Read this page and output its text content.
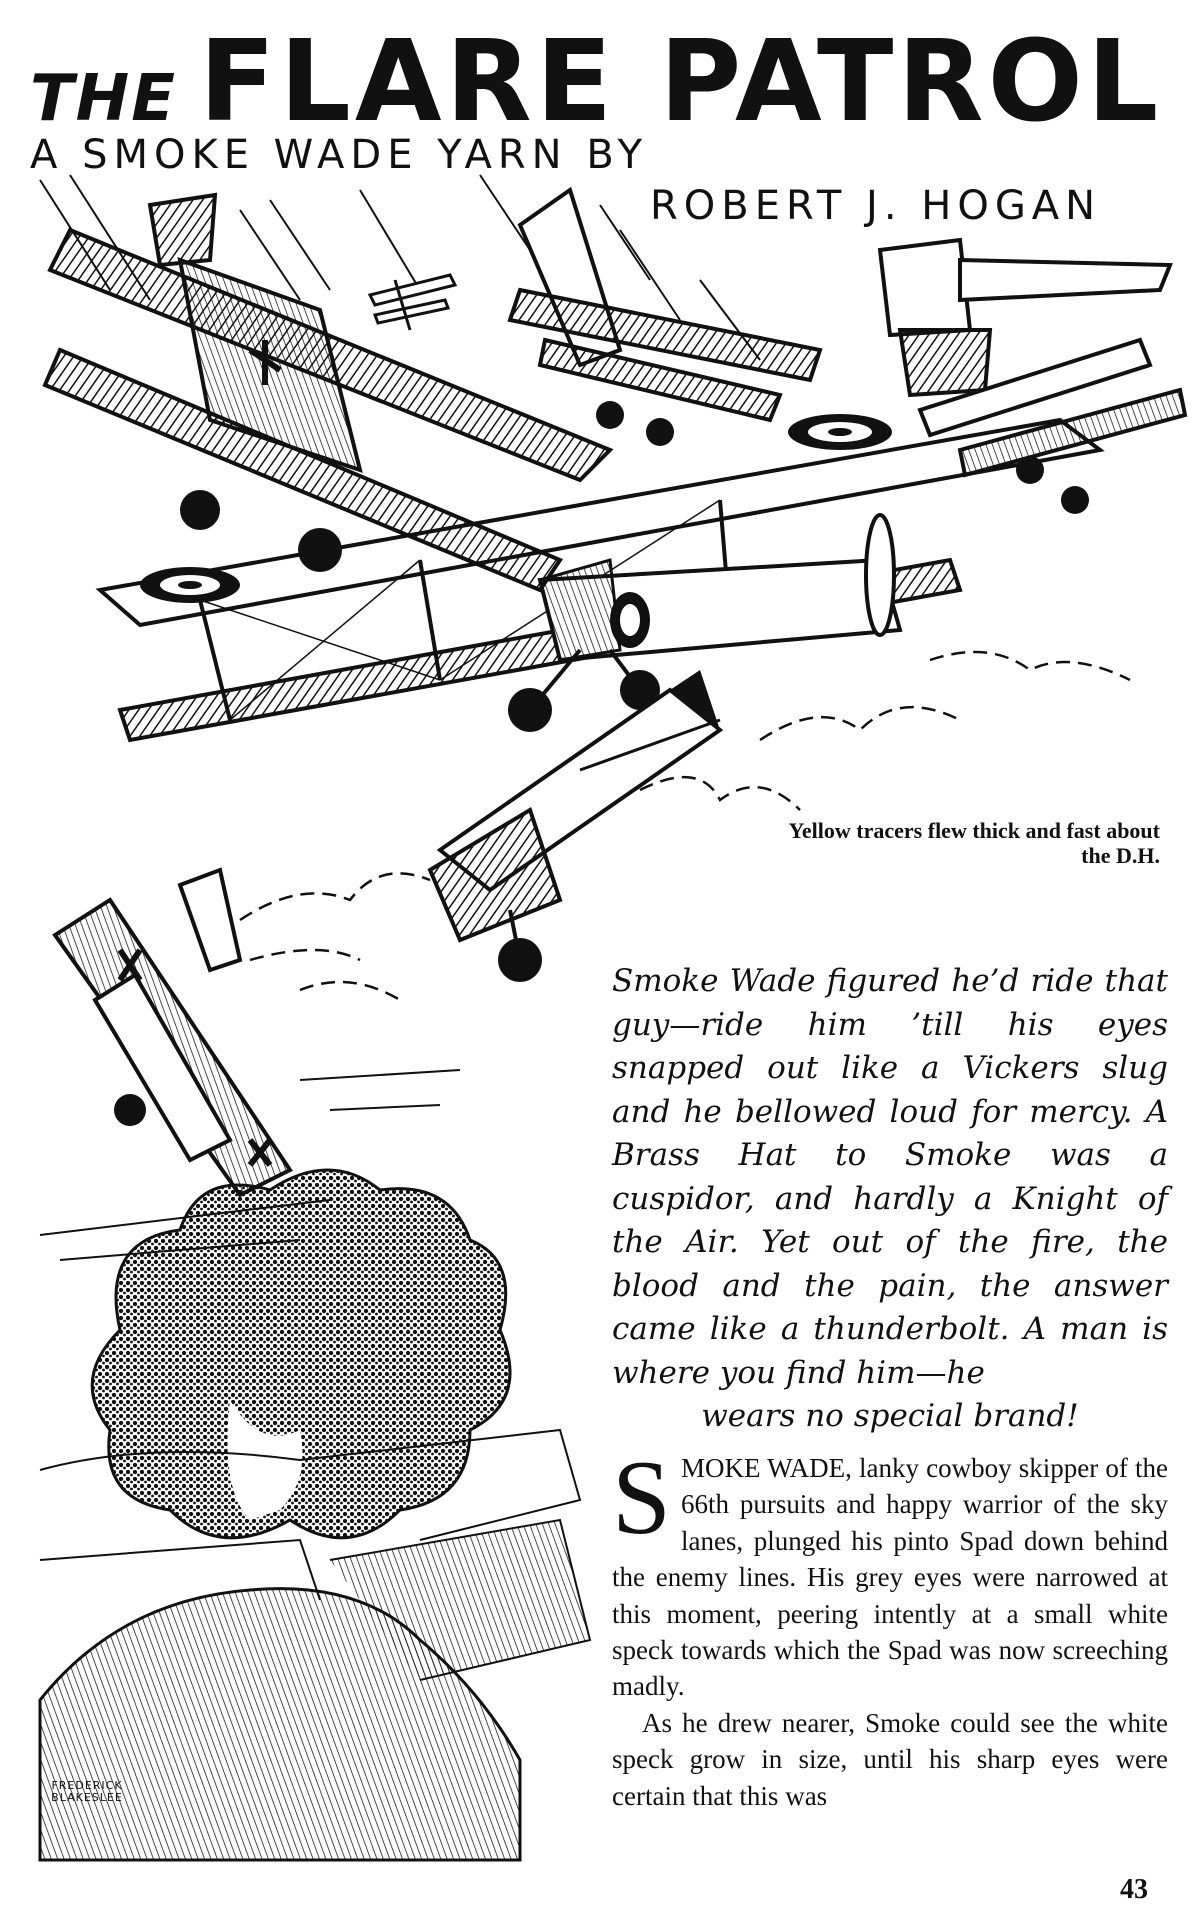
THE FLARE PATROL
A SMOKE WADE YARN BY
ROBERT J. HOGAN
FREDERICK
BLAKESLEE
Yellow tracers flew thick and fast about the D.H.
Smoke Wade figured he’d ride that guy—ride him ’till his eyes snapped out like a Vickers slug and he bellowed loud for mercy. A Brass Hat to Smoke was a cuspidor, and hardly a Knight of the Air. Yet out of the fire, the blood and the pain, the answer came like a thunderbolt. A man is where you find him—he
wears no special brand!

SMOKE WADE, lanky cowboy skipper of the 66th pursuits and happy warrior of the sky lanes, plunged his pinto Spad down behind the enemy lines. His grey eyes were narrowed at this moment, peering intently at a small white speck towards which the Spad was now screeching madly.

As he drew nearer, Smoke could see the white speck grow in size, until his sharp eyes were certain that this was

43
